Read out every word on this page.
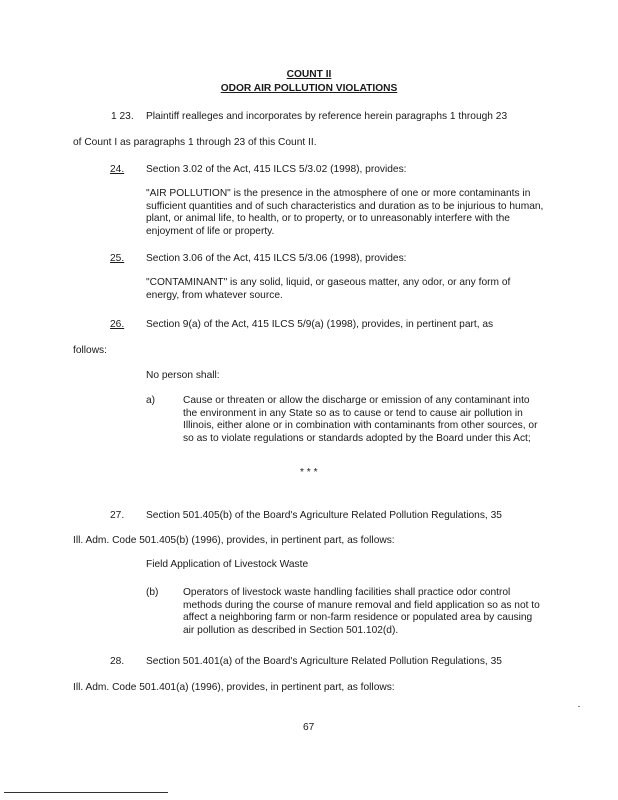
COUNT II
ODOR AIR POLLUTION VIOLATIONS
1 23. Plaintiff realleges and incorporates by reference herein paragraphs 1 through 23
of Count I as paragraphs 1 through 23 of this Count II.
24. Section 3.02 of the Act, 415 ILCS 5/3.02 (1998), provides:
"AIR POLLUTION" is the presence in the atmosphere of one or more contaminants in sufficient quantities and of such characteristics and duration as to be injurious to human, plant, or animal life, to health, or to property, or to unreasonably interfere with the enjoyment of life or property.
25. Section 3.06 of the Act, 415 ILCS 5/3.06 (1998), provides:
"CONTAMINANT" is any solid, liquid, or gaseous matter, any odor, or any form of energy, from whatever source.
26. Section 9(a) of the Act, 415 ILCS 5/9(a) (1998), provides, in pertinent part, as
follows:
No person shall:
a)	Cause or threaten or allow the discharge or emission of any contaminant into the environment in any State so as to cause or tend to cause air pollution in Illinois, either alone or in combination with contaminants from other sources, or so as to violate regulations or standards adopted by the Board under this Act;
* * *
27. Section 501.405(b) of the Board's Agriculture Related Pollution Regulations, 35
Ill. Adm. Code 501.405(b) (1996), provides, in pertinent part, as follows:
Field Application of Livestock Waste
(b) Operators of livestock waste handling facilities shall practice odor control methods during the course of manure removal and field application so as not to affect a neighboring farm or non-farm residence or populated area by causing air pollution as described in Section 501.102(d).
28. Section 501.401(a) of the Board's Agriculture Related Pollution Regulations, 35
Ill. Adm. Code 501.401(a) (1996), provides, in pertinent part, as follows:
67
